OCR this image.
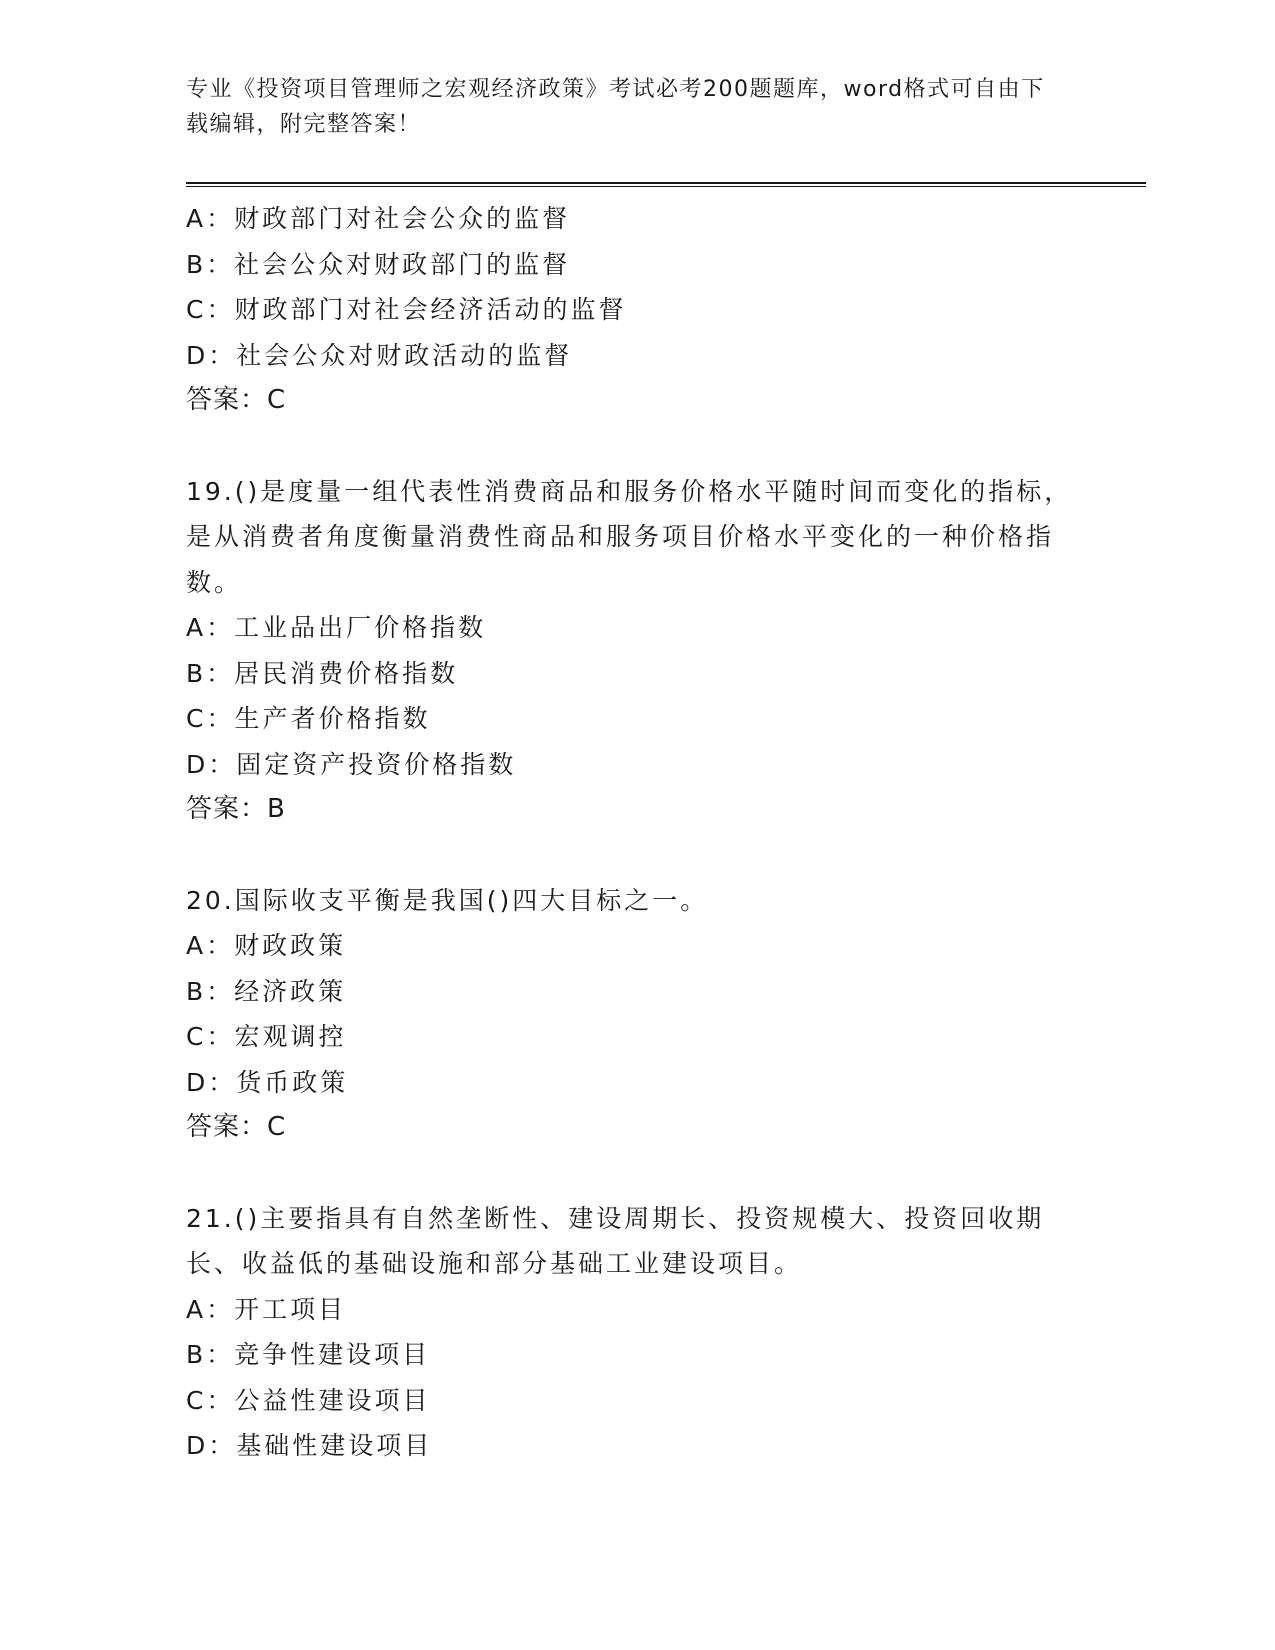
专业《投资项目管理师之宏观经济政策》考试必考200题题库，word格式可自由下载编辑，附完整答案！

A：财政部门对社会公众的监督

B：社会公众对财政部门的监督

C：财政部门对社会经济活动的监督

D：社会公众对财政活动的监督

答案：C

19.()是度量一组代表性消费商品和服务价格水平随时间而变化的指标，是从消费者角度衡量消费性商品和服务项目价格水平变化的一种价格指数。

A：工业品出厂价格指数

B：居民消费价格指数

C：生产者价格指数

D：固定资产投资价格指数

答案：B

20.国际收支平衡是我国()四大目标之一。

A：财政政策

B：经济政策

C：宏观调控

D：货币政策

答案：C

21.()主要指具有自然垄断性、建设周期长、投资规模大、投资回收期长、收益低的基础设施和部分基础工业建设项目。

A：开工项目

B：竞争性建设项目

C：公益性建设项目

D：基础性建设项目
